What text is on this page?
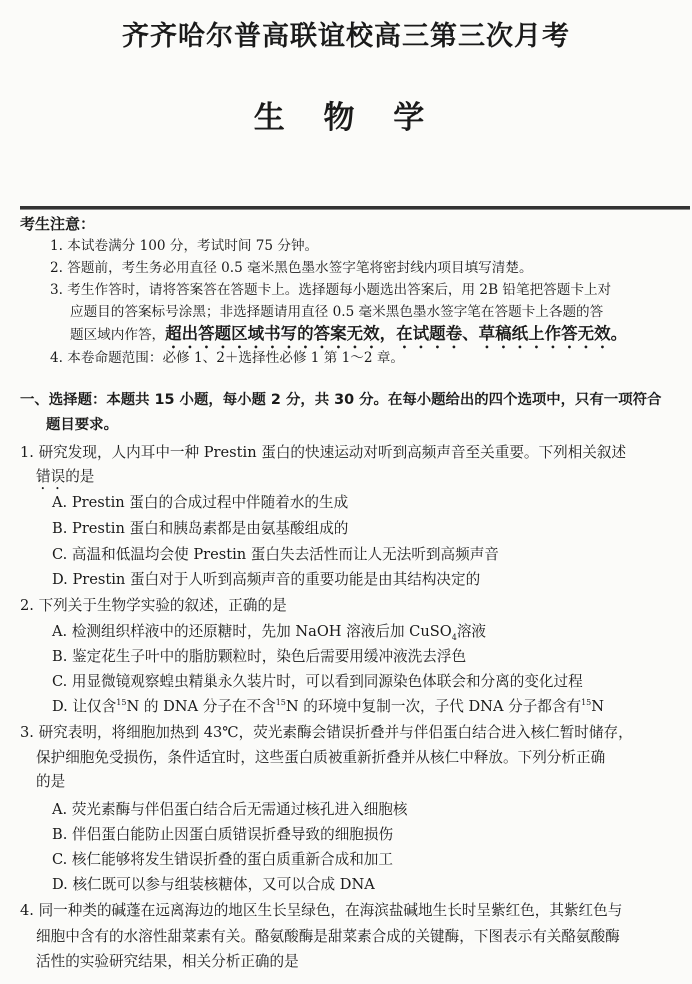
齐齐哈尔普高联谊校高三第三次月考
生 物 学
考生注意：
1. 本试卷满分 100 分，考试时间 75 分钟。
2. 答题前，考生务必用直径 0.5 毫米黑色墨水签字笔将密封线内项目填写清楚。
3. 考生作答时，请将答案答在答题卡上。选择题每小题选出答案后，用 2B 铅笔把答题卡上对
应题目的答案标号涂黑；非选择题请用直径 0.5 毫米黑色墨水签字笔在答题卡上各题的答
题区域内作答，超出答题区域书写的答案无效，在试题卷、草稿纸上作答无效。
4. 本卷命题范围：必修 1、2＋选择性必修 1 第 1～2 章。
一、选择题：本题共 15 小题，每小题 2 分，共 30 分。在每小题给出的四个选项中，只有一项符合
题目要求。
1. 研究发现，人内耳中一种 Prestin 蛋白的快速运动对听到高频声音至关重要。下列相关叙述
错误的是
A. Prestin 蛋白的合成过程中伴随着水的生成
B. Prestin 蛋白和胰岛素都是由氨基酸组成的
C. 高温和低温均会使 Prestin 蛋白失去活性而让人无法听到高频声音
D. Prestin 蛋白对于人听到高频声音的重要功能是由其结构决定的
2. 下列关于生物学实验的叙述，正确的是
A. 检测组织样液中的还原糖时，先加 NaOH 溶液后加 CuSO$_4$溶液
B. 鉴定花生子叶中的脂肪颗粒时，染色后需要用缓冲液洗去浮色
C. 用显微镜观察蝗虫精巢永久装片时，可以看到同源染色体联会和分离的变化过程
D. 让仅含$^{15}$N 的 DNA 分子在不含$^{15}$N 的环境中复制一次，子代 DNA 分子都含有$^{15}$N
3. 研究表明，将细胞加热到 43℃，荧光素酶会错误折叠并与伴侣蛋白结合进入核仁暂时储存，
保护细胞免受损伤，条件适宜时，这些蛋白质被重新折叠并从核仁中释放。下列分析正确
的是
A. 荧光素酶与伴侣蛋白结合后无需通过核孔进入细胞核
B. 伴侣蛋白能防止因蛋白质错误折叠导致的细胞损伤
C. 核仁能够将发生错误折叠的蛋白质重新合成和加工
D. 核仁既可以参与组装核糖体，又可以合成 DNA
4. 同一种类的碱蓬在远离海边的地区生长呈绿色，在海滨盐碱地生长时呈紫红色，其紫红色与
细胞中含有的水溶性甜菜素有关。酪氨酸酶是甜菜素合成的关键酶，下图表示有关酪氨酸酶
活性的实验研究结果，相关分析正确的是
